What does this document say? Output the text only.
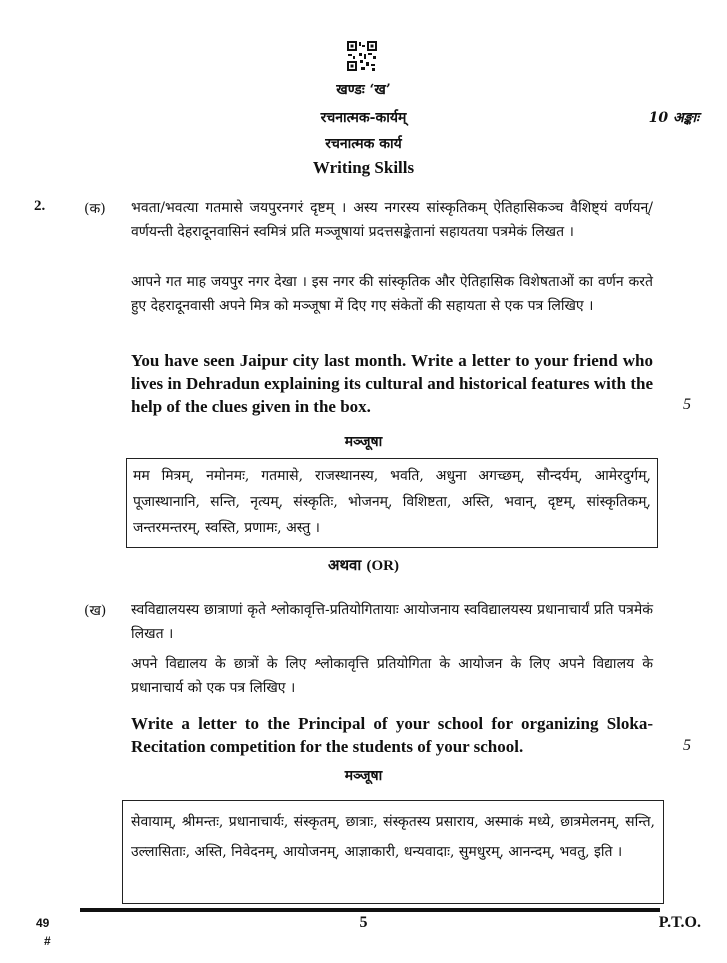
खण्डः ‘ख’
रचनात्मक-कार्यम्	10 अङ्काः
रचनात्मक कार्य
Writing Skills
2.	(क) भवता/भवत्या गतमासे जयपुरनगरं दृष्टम् । अस्य नगरस्य सांस्कृतिकम् ऐतिहासिकञ्च वैशिष्ट्यं वर्णयन्/वर्णयन्ती देहरादूनवासिनं स्वमित्रं प्रति मञ्जूषायां प्रदत्तसङ्केतानां सहायतया पत्रमेकं लिखत ।
आपने गत माह जयपुर नगर देखा । इस नगर की सांस्कृतिक और ऐतिहासिक विशेषताओं का वर्णन करते हुए देहरादूनवासी अपने मित्र को मञ्जूषा में दिए गए संकेतों की सहायता से एक पत्र लिखिए ।
You have seen Jaipur city last month. Write a letter to your friend who lives in Dehradun explaining its cultural and historical features with the help of the clues given in the box.	5
मञ्जूषा
मम मित्रम्, नमोनमः, गतमासे, राजस्थानस्य, भवति, अधुना अगच्छम्, सौन्दर्यम्, आमेरदुर्गम्, पूजास्थानानि, सन्ति, नृत्यम्, संस्कृतिः, भोजनम्, विशिष्टता, अस्ति, भवान्, दृष्टम्, सांस्कृतिकम्, जन्तरमन्तरम्, स्वस्ति, प्रणामः, अस्तु ।
अथवा (OR)
(ख) स्वविद्यालयस्य छात्राणां कृते श्लोकावृत्ति-प्रतियोगितायाः आयोजनाय स्वविद्यालयस्य प्रधानाचार्यं प्रति पत्रमेकं लिखत ।
अपने विद्यालय के छात्रों के लिए श्लोकावृत्ति प्रतियोगिता के आयोजन के लिए अपने विद्यालय के प्रधानाचार्य को एक पत्र लिखिए ।
Write a letter to the Principal of your school for organizing Sloka-Recitation competition for the students of your school.	5
मञ्जूषा
सेवायाम्, श्रीमन्तः, प्रधानाचार्यः, संस्कृतम्, छात्राः, संस्कृतस्य प्रसाराय, अस्माकं मध्ये, छात्रमेलनम्, सन्ति, उल्लासिताः, अस्ति, निवेदनम्, आयोजनम्, आज्ञाकारी, धन्यवादाः, सुमधुरम्, आनन्दम्, भवतु, इति ।
49
#
5	P.T.O.
